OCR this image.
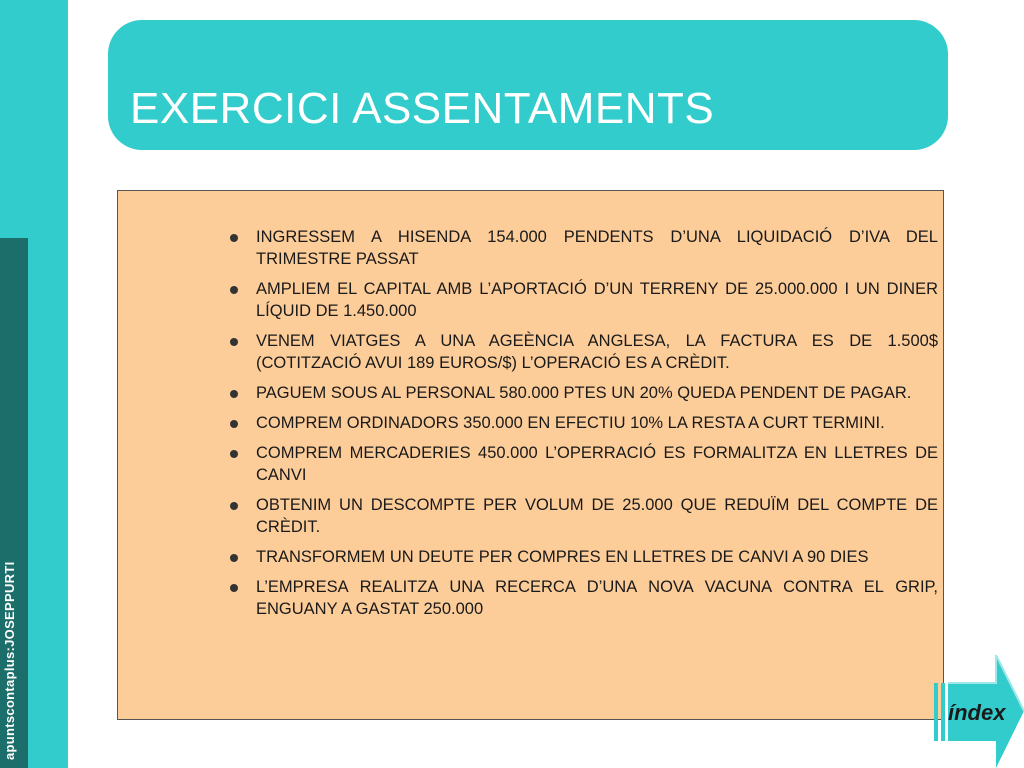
apuntscontaplus:JOSEPPURTI
EXERCICI ASSENTAMENTS
INGRESSEM A HISENDA 154.000 PENDENTS D’UNA LIQUIDACIÓ D’IVA DEL TRIMESTRE PASSAT
AMPLIEM EL CAPITAL AMB L’APORTACIÓ D’UN TERRENY DE 25.000.000 I UN DINER LÍQUID DE 1.450.000
VENEM VIATGES A UNA AGEÈNCIA ANGLESA, LA FACTURA ES DE 1.500$ (COTITZACIÓ AVUI 189 EUROS/$) L’OPERACIÓ ES A CRÈDIT.
PAGUEM SOUS AL PERSONAL 580.000 PTES UN 20% QUEDA PENDENT DE PAGAR.
COMPREM ORDINADORS 350.000 EN EFECTIU 10% LA RESTA A CURT TERMINI.
COMPREM MERCADERIES 450.000 L’OPERRACIÓ ES FORMALITZA EN LLETRES DE CANVI
OBTENIM UN DESCOMPTE PER VOLUM DE 25.000 QUE REDUÏM DEL COMPTE DE CRÈDIT.
TRANSFORMEM UN DEUTE PER COMPRES EN LLETRES DE CANVI A 90 DIES
L’EMPRESA REALITZA UNA RECERCA D’UNA NOVA VACUNA CONTRA EL GRIP, ENGUANY A GASTAT 250.000
índex
